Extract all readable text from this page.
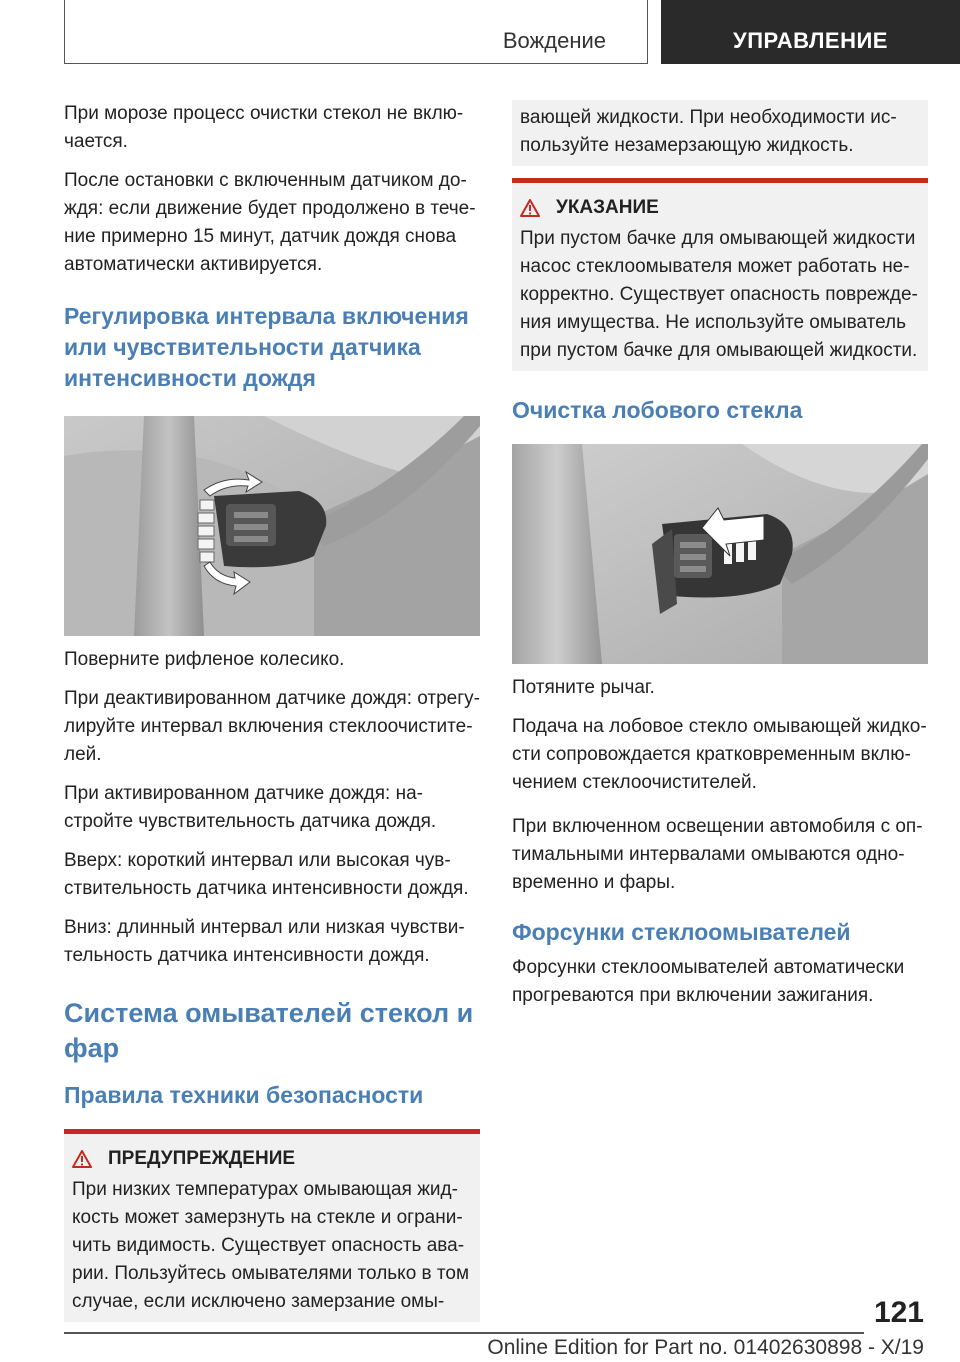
Вождение	УПРАВЛЕНИЕ

При морозе процесс очистки стекол не вклю- чается.

После остановки с включенным датчиком до- ждя: если движение будет продолжено в тече- ние примерно 15 минут, датчик дождя снова автоматически активируется.

Регулировка интервала включения или чувствительности датчика интенсивности дождя

Поверните рифленое колесико.

При деактивированном датчике дождя: отрегу- лируйте интервал включения стеклоочистите- лей.

При активированном датчике дождя: на- стройте чувствительность датчика дождя.

Вверх: короткий интервал или высокая чув- ствительность датчика интенсивности дождя.

Вниз: длинный интервал или низкая чувстви- тельность датчика интенсивности дождя.

Система омывателей стекол и фар
Правила техники безопасности
ПРЕДУПРЕЖДЕНИЕ

При низких температурах омывающая жид- кость может замерзнуть на стекле и ограни- чить видимость. Существует опасность ава- рии. Пользуйтесь омывателями только в том случае, если исключено замерзание омы-

вающей жидкости. При необходимости ис- пользуйте незамерзающую жидкость.

УКАЗАНИЕ

При пустом бачке для омывающей жидкости насос стеклоомывателя может работать не- корректно. Существует опасность поврежде- ния имущества. Не используйте омыватель при пустом бачке для омывающей жидкости.

Очистка лобового стекла

Потяните рычаг.

Подача на лобовое стекло омывающей жидко- сти сопровождается кратковременным вклю- чением стеклоочистителей.

При включенном освещении автомобиля с оп- тимальными интервалами омываются одно- временно и фары.

Форсунки стеклоомывателей

Форсунки стеклоомывателей автоматически прогреваются при включении зажигания.

121
Online Edition for Part no. 01402630898 - X/19
